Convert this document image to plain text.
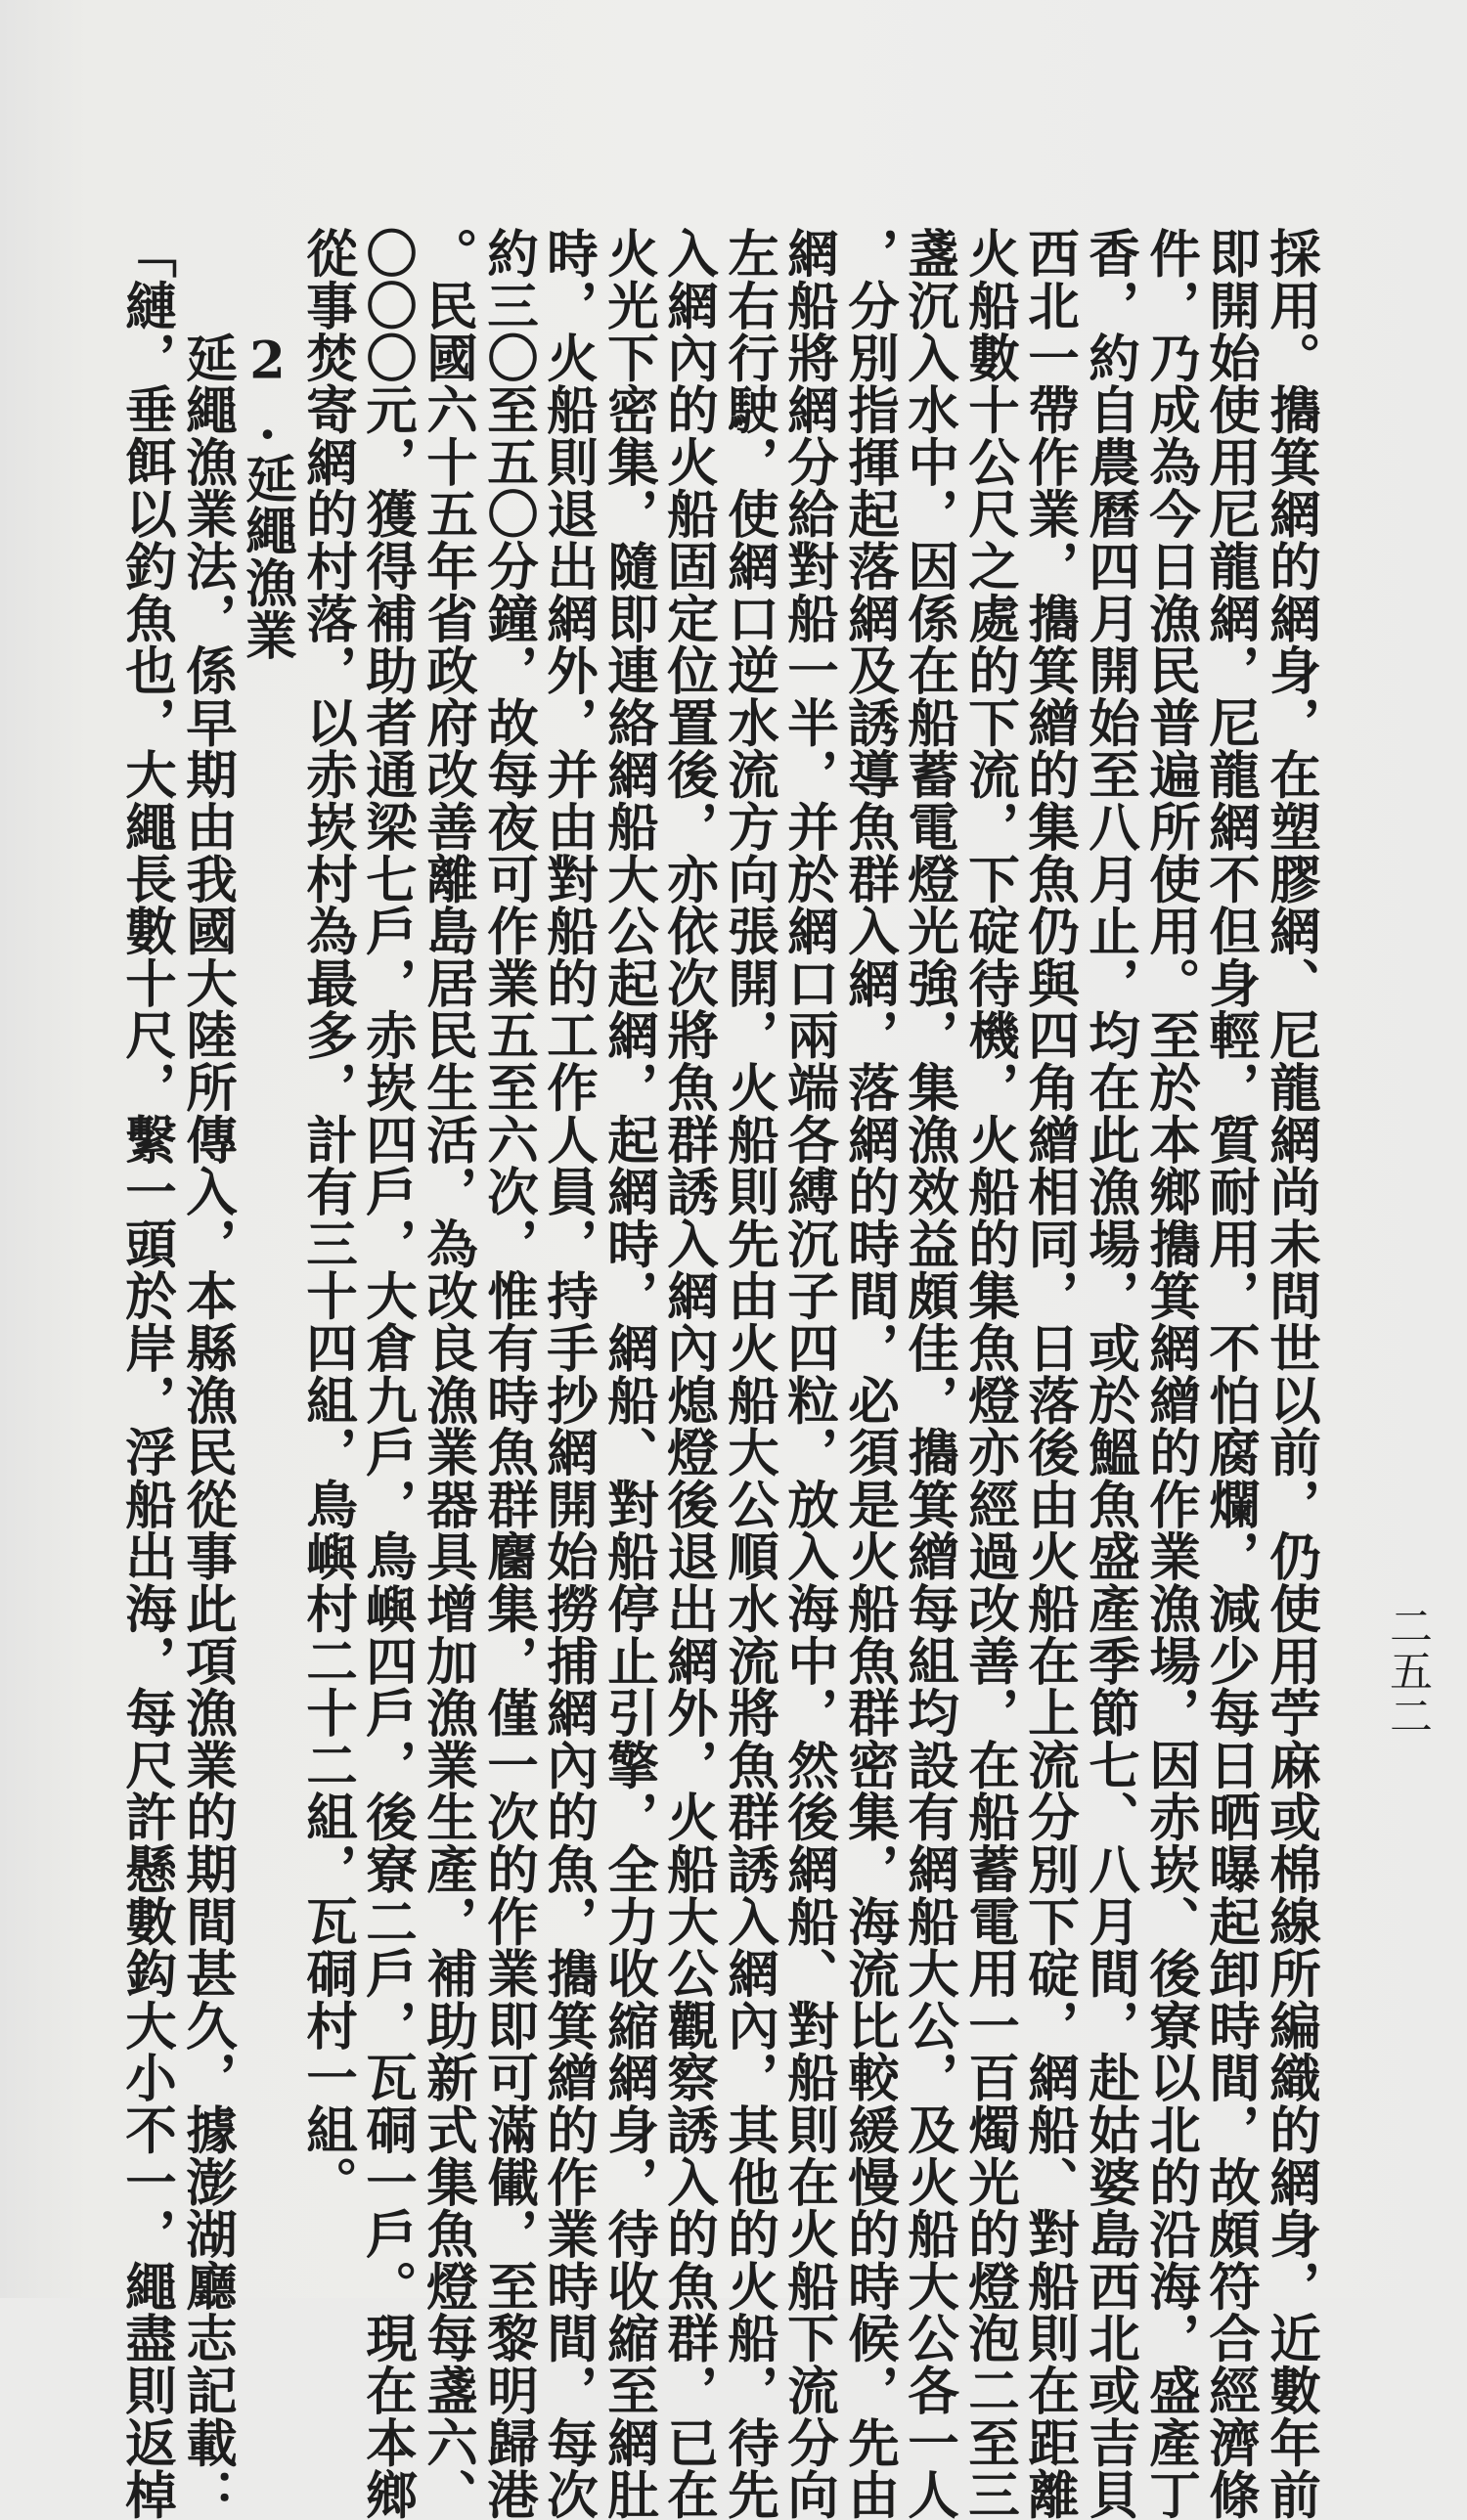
二五二
採用。㩦箕網的網身，在塑膠網、尼龍網尚未問世以前，仍使用苧麻或棉線所編織的網身，近數年前
即開始使用尼龍網，尼龍網不但身輕，質耐用，不怕腐爛，減少每日晒曝起卸時間，故頗符合經濟條
件，乃成為今日漁民普遍所使用。至於本鄉㩦箕網繒的作業漁場，因赤崁、後寮以北的沿海，盛產丁
香，約自農曆四月開始至八月止，均在此漁場，或於鰮魚盛產季節七、八月間，赴姑婆島西北或吉貝
西北一帶作業，㩦箕繒的集魚仍與四角繒相同，日落後由火船在上流分別下碇，網船、對船則在距離
火船數十公尺之處的下流，下碇待機，火船的集魚燈亦經過改善，在船蓄電用一百燭光的燈泡二至三
盞沉入水中，因係在船蓄電燈光強，集漁效益頗佳，㩦箕繒每組均設有網船大公，及火船大公各一人
，分別指揮起落網及誘導魚群入網，落網的時間，必須是火船魚群密集，海流比較緩慢的時候，先由
網船將網分給對船一半，并於網口兩端各縛沉子四粒，放入海中，然後網船、對船則在火船下流分向
左右行駛，使網口逆水流方向張開，火船則先由火船大公順水流將魚群誘入網內，其他的火船，待先
入網內的火船固定位置後，亦依次將魚群誘入網內熄燈後退出網外，火船大公觀察誘入的魚群，已在
火光下密集，隨即連絡網船大公起網，起網時，網船、對船停止引擎，全力收縮網身，待收縮至網肚
時，火船則退出網外，并由對船的工作人員，持手抄網開始撈捕網內的魚，㩦箕繒的作業時間，每次
約三〇至五〇分鐘，故每夜可作業五至六次，惟有時魚群麕集，僅一次的作業即可滿儎，至黎明歸港
。民國六十五年省政府改善離島居民生活，為改良漁業器具增加漁業生產，補助新式集魚燈每盞六、
〇〇〇元，獲得補助者通梁七戶，赤崁四戶，大倉九戶，鳥嶼四戶，後寮二戶，瓦硐一戶。現在本鄉
從事焚寄網的村落，以赤崁村為最多，計有三十四組，鳥嶼村二十二組，瓦硐村一組。
　　2.延繩漁業
　　延繩漁業法，係早期由我國大陸所傳入，本縣漁民從事此項漁業的期間甚久，據澎湖廳志記載：
「縺，垂餌以釣魚也，大繩長數十尺，繫一頭於岸，浮船出海，每尺許懸數鈎大小不一，繩盡則返棹
